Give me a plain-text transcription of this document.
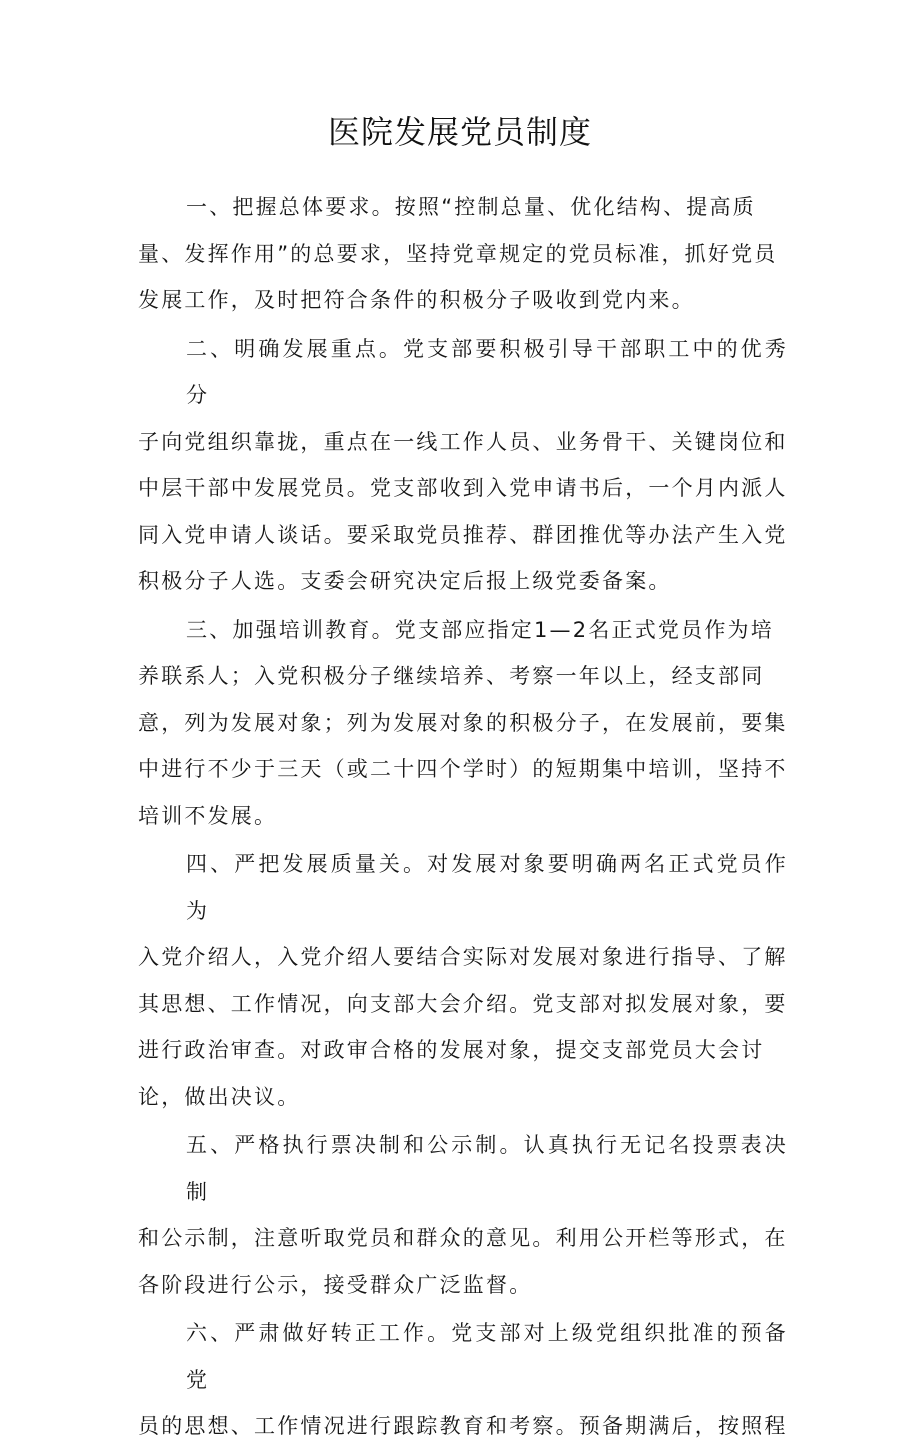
医院发展党员制度

一、把握总体要求。按照“控制总量、优化结构、提高质
量、发挥作用”的总要求，坚持党章规定的党员标准，抓好党员
发展工作，及时把符合条件的积极分子吸收到党内来。

二、明确发展重点。党支部要积极引导干部职工中的优秀分
子向党组织靠拢，重点在一线工作人员、业务骨干、关键岗位和
中层干部中发展党员。党支部收到入党申请书后，一个月内派人
同入党申请人谈话。要采取党员推荐、群团推优等办法产生入党
积极分子人选。支委会研究决定后报上级党委备案。

三、加强培训教育。党支部应指定1—2名正式党员作为培
养联系人；入党积极分子继续培养、考察一年以上，经支部同
意，列为发展对象；列为发展对象的积极分子，在发展前，要集
中进行不少于三天（或二十四个学时）的短期集中培训，坚持不
培训不发展。

四、严把发展质量关。对发展对象要明确两名正式党员作为
入党介绍人，入党介绍人要结合实际对发展对象进行指导、了解
其思想、工作情况，向支部大会介绍。党支部对拟发展对象，要
进行政治审查。对政审合格的发展对象，提交支部党员大会讨
论，做出决议。

五、严格执行票决制和公示制。认真执行无记名投票表决制
和公示制，注意听取党员和群众的意见。利用公开栏等形式，在
各阶段进行公示，接受群众广泛监督。

六、严肃做好转正工作。党支部对上级党组织批准的预备党
员的思想、工作情况进行跟踪教育和考察。预备期满后，按照程
